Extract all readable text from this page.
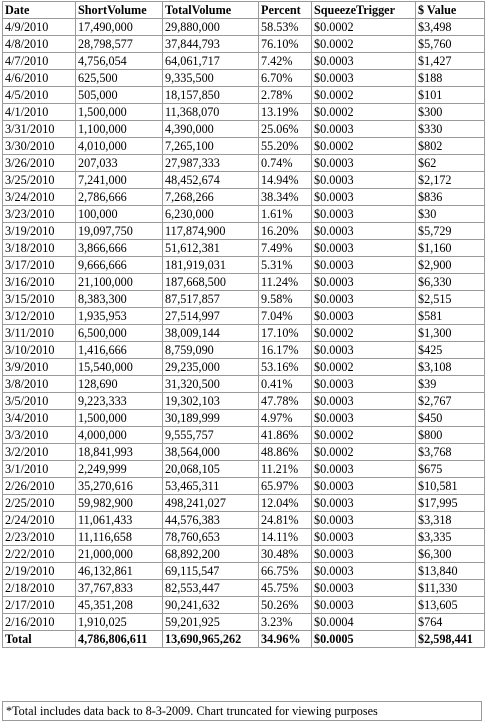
Date	ShortVolume	TotalVolume	Percent	SqueezeTrigger	$ Value
4/9/2010	17,490,000	29,880,000	58.53%	$0.0002	$3,498
4/8/2010	28,798,577	37,844,793	76.10%	$0.0002	$5,760
4/7/2010	4,756,054	64,061,717	7.42%	$0.0003	$1,427
4/6/2010	625,500	9,335,500	6.70%	$0.0003	$188
4/5/2010	505,000	18,157,850	2.78%	$0.0002	$101
4/1/2010	1,500,000	11,368,070	13.19%	$0.0002	$300
3/31/2010	1,100,000	4,390,000	25.06%	$0.0003	$330
3/30/2010	4,010,000	7,265,100	55.20%	$0.0002	$802
3/26/2010	207,033	27,987,333	0.74%	$0.0003	$62
3/25/2010	7,241,000	48,452,674	14.94%	$0.0003	$2,172
3/24/2010	2,786,666	7,268,266	38.34%	$0.0003	$836
3/23/2010	100,000	6,230,000	1.61%	$0.0003	$30
3/19/2010	19,097,750	117,874,900	16.20%	$0.0003	$5,729
3/18/2010	3,866,666	51,612,381	7.49%	$0.0003	$1,160
3/17/2010	9,666,666	181,919,031	5.31%	$0.0003	$2,900
3/16/2010	21,100,000	187,668,500	11.24%	$0.0003	$6,330
3/15/2010	8,383,300	87,517,857	9.58%	$0.0003	$2,515
3/12/2010	1,935,953	27,514,997	7.04%	$0.0003	$581
3/11/2010	6,500,000	38,009,144	17.10%	$0.0002	$1,300
3/10/2010	1,416,666	8,759,090	16.17%	$0.0003	$425
3/9/2010	15,540,000	29,235,000	53.16%	$0.0002	$3,108
3/8/2010	128,690	31,320,500	0.41%	$0.0003	$39
3/5/2010	9,223,333	19,302,103	47.78%	$0.0003	$2,767
3/4/2010	1,500,000	30,189,999	4.97%	$0.0003	$450
3/3/2010	4,000,000	9,555,757	41.86%	$0.0002	$800
3/2/2010	18,841,993	38,564,000	48.86%	$0.0002	$3,768
3/1/2010	2,249,999	20,068,105	11.21%	$0.0003	$675
2/26/2010	35,270,616	53,465,311	65.97%	$0.0003	$10,581
2/25/2010	59,982,900	498,241,027	12.04%	$0.0003	$17,995
2/24/2010	11,061,433	44,576,383	24.81%	$0.0003	$3,318
2/23/2010	11,116,658	78,760,653	14.11%	$0.0003	$3,335
2/22/2010	21,000,000	68,892,200	30.48%	$0.0003	$6,300
2/19/2010	46,132,861	69,115,547	66.75%	$0.0003	$13,840
2/18/2010	37,767,833	82,553,447	45.75%	$0.0003	$11,330
2/17/2010	45,351,208	90,241,632	50.26%	$0.0003	$13,605
2/16/2010	1,910,025	59,201,925	3.23%	$0.0004	$764
Total	4,786,806,611	13,690,965,262	34.96%	$0.0005	$2,598,441
*Total includes data back to 8-3-2009. Chart truncated for viewing purposes
